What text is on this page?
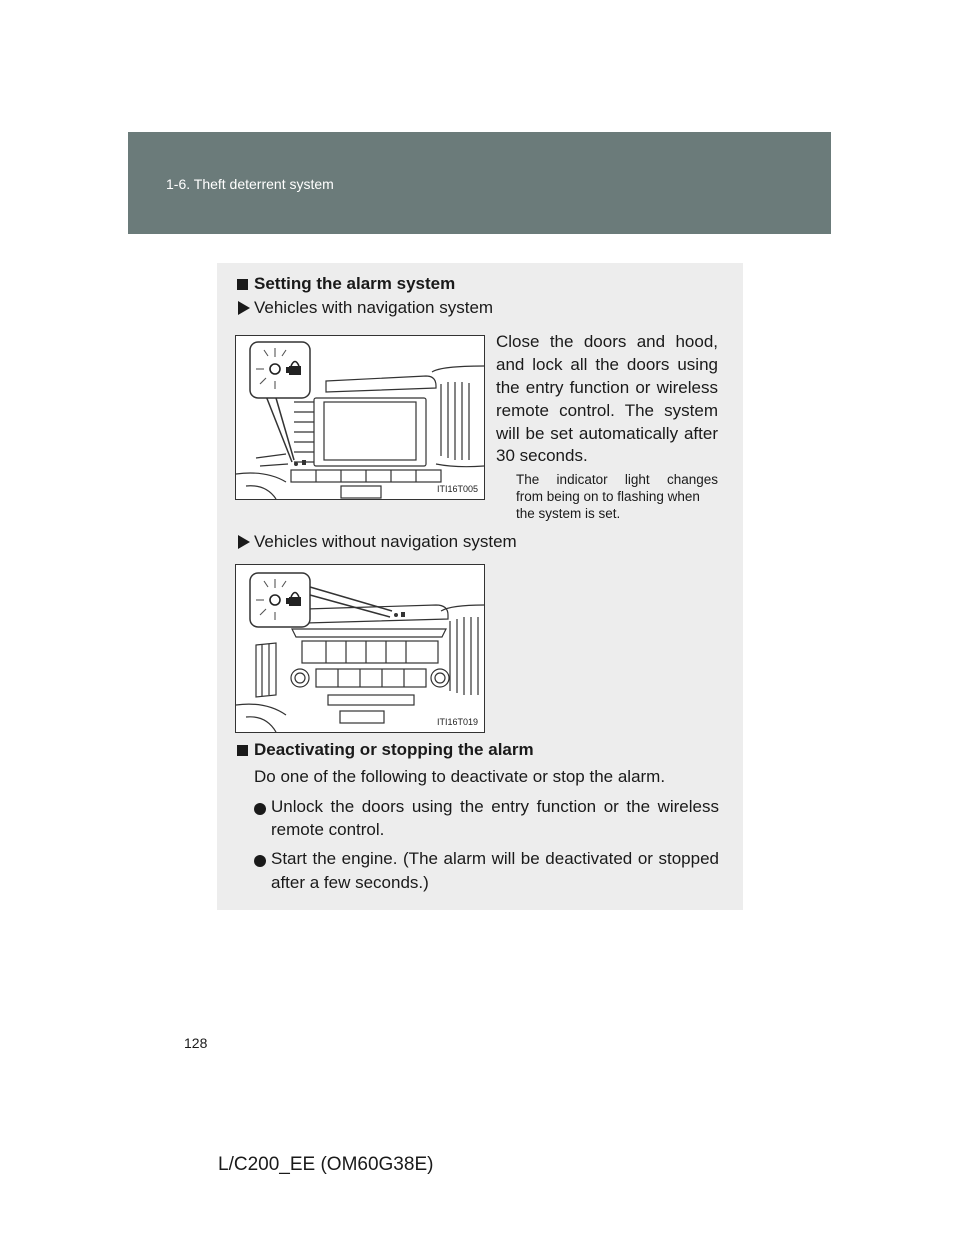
1-6. Theft deterrent system
Setting the alarm system
Vehicles with navigation system
ITI16T005
Close the doors and hood,
and lock all the doors using
the entry function or wireless
remote control. The system
will be set automatically after
30 seconds.
The indicator light changes
from being on to flashing when
the system is set.
Vehicles without navigation system
ITI16T019
Deactivating or stopping the alarm
Do one of the following to deactivate or stop the alarm.
Unlock the doors using the entry function or the wireless
remote control.
Start the engine. (The alarm will be deactivated or stopped
after a few seconds.)
128
L/C200_EE (OM60G38E)
